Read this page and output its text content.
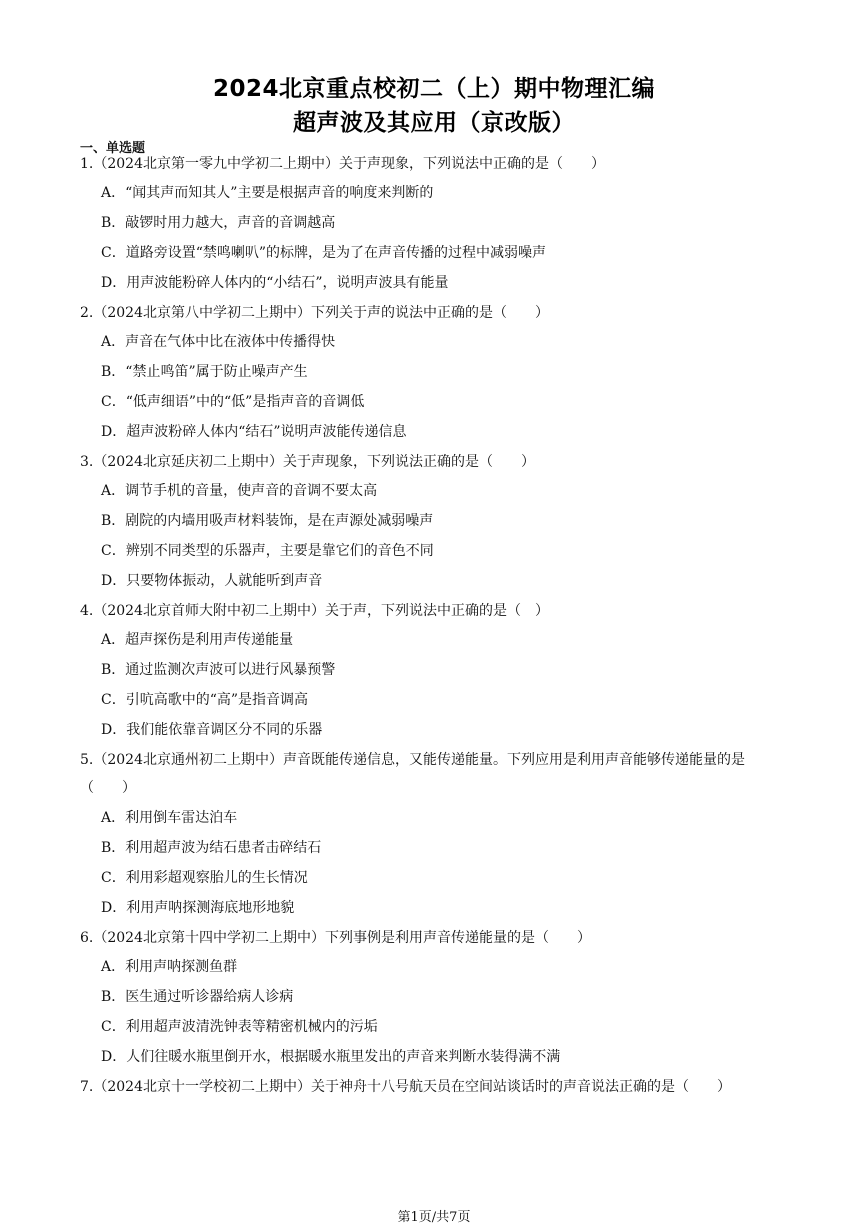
2024北京重点校初二（上）期中物理汇编
超声波及其应用（京改版）
一、单选题
1.（2024北京第一零九中学初二上期中）关于声现象，下列说法中正确的是（　　）
A．“闻其声而知其人”主要是根据声音的响度来判断的
B．敲锣时用力越大，声音的音调越高
C．道路旁设置“禁鸣喇叭”的标牌，是为了在声音传播的过程中减弱噪声
D．用声波能粉碎人体内的“小结石”，说明声波具有能量
2.（2024北京第八中学初二上期中）下列关于声的说法中正确的是（　　）
A．声音在气体中比在液体中传播得快
B．“禁止鸣笛”属于防止噪声产生
C．“低声细语”中的“低”是指声音的音调低
D．超声波粉碎人体内“结石”说明声波能传递信息
3.（2024北京延庆初二上期中）关于声现象，下列说法正确的是（　　）
A．调节手机的音量，使声音的音调不要太高
B．剧院的内墙用吸声材料装饰，是在声源处减弱噪声
C．辨别不同类型的乐器声，主要是靠它们的音色不同
D．只要物体振动，人就能听到声音
4.（2024北京首师大附中初二上期中）关于声，下列说法中正确的是（　）
A．超声探伤是利用声传递能量
B．通过监测次声波可以进行风暴预警
C．引吭高歌中的“高”是指音调高
D．我们能依靠音调区分不同的乐器
5.（2024北京通州初二上期中）声音既能传递信息，又能传递能量。下列应用是利用声音能够传递能量的是（　　）
A．利用倒车雷达泊车
B．利用超声波为结石患者击碎结石
C．利用彩超观察胎儿的生长情况
D．利用声呐探测海底地形地貌
6.（2024北京第十四中学初二上期中）下列事例是利用声音传递能量的是（　　）
A．利用声呐探测鱼群
B．医生通过听诊器给病人诊病
C．利用超声波清洗钟表等精密机械内的污垢
D．人们往暖水瓶里倒开水，根据暖水瓶里发出的声音来判断水装得满不满
7.（2024北京十一学校初二上期中）关于神舟十八号航天员在空间站谈话时的声音说法正确的是（　　）
第1页/共7页
